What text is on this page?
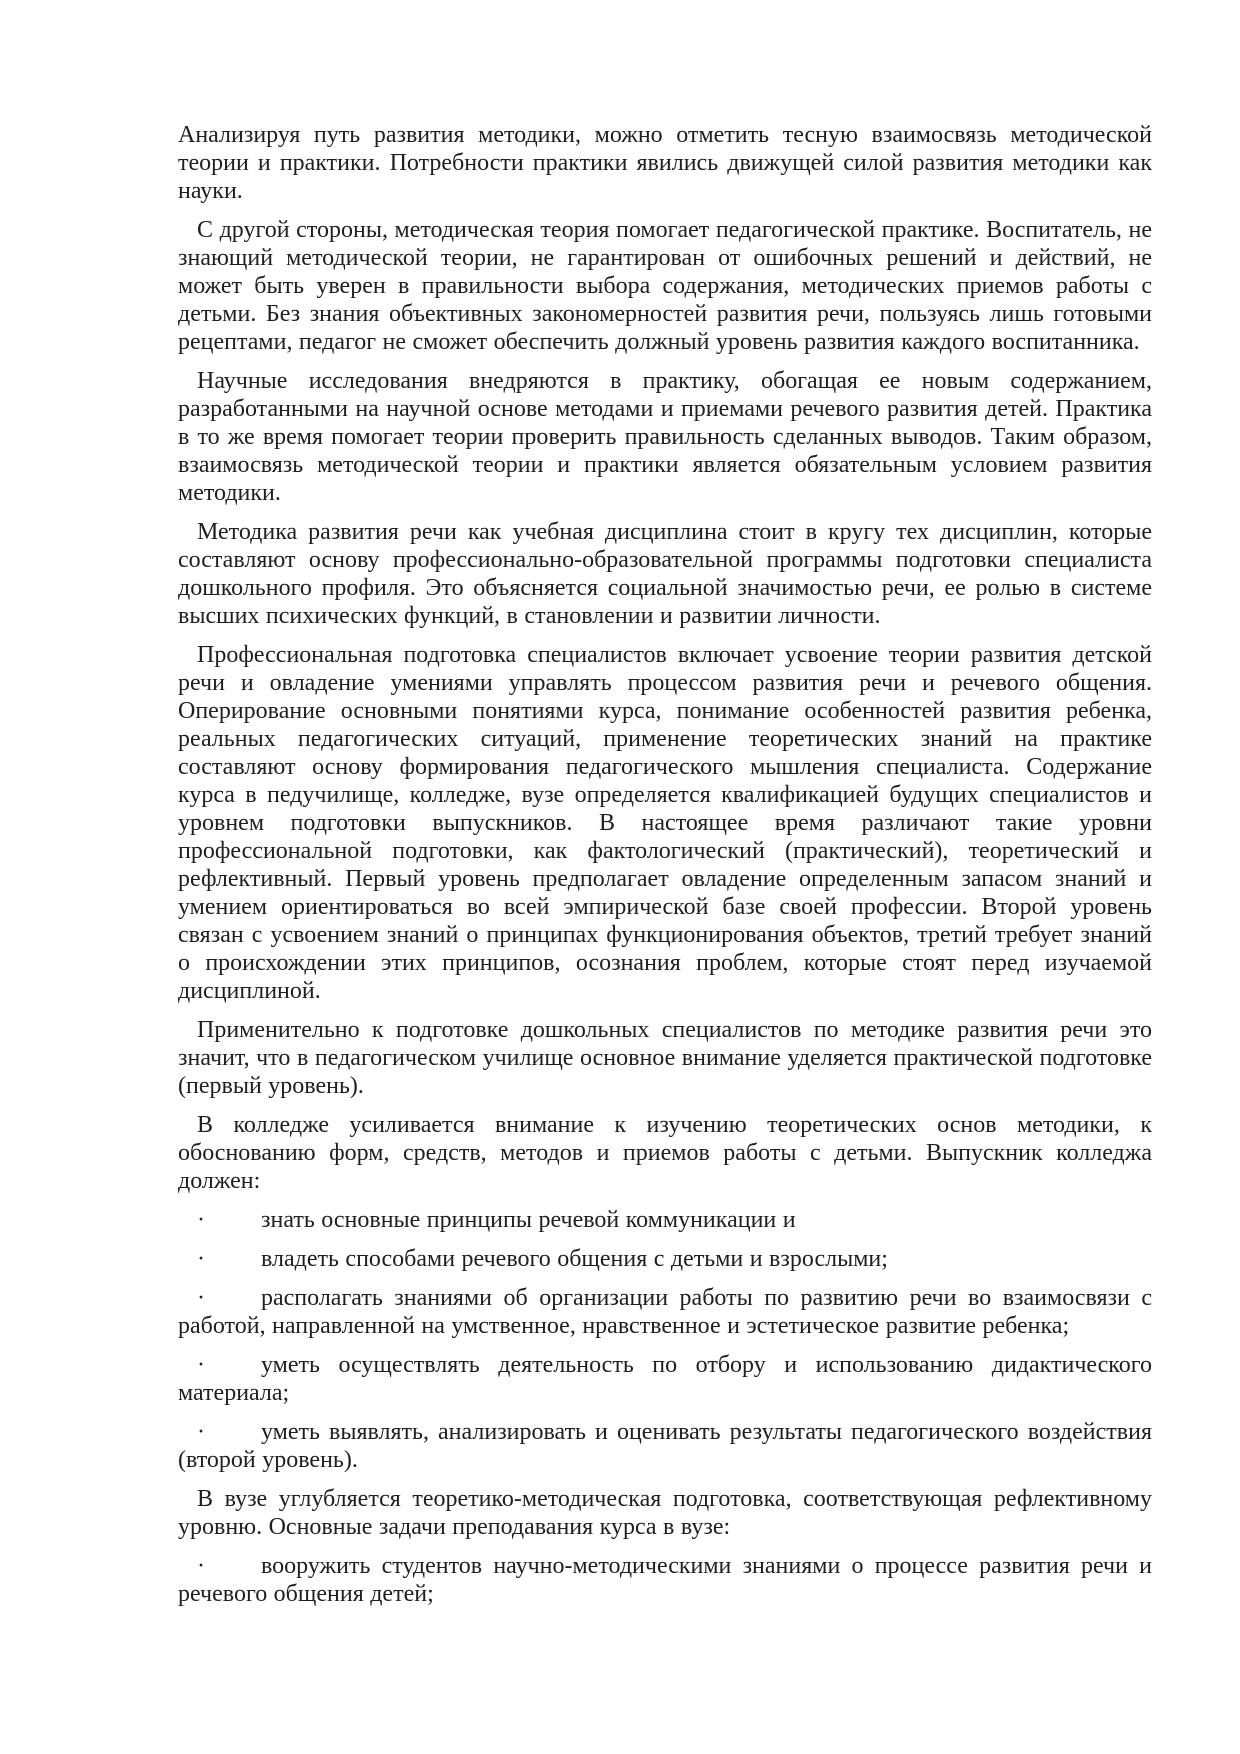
Анализируя путь развития методики, можно отметить тесную взаимосвязь методической теории и практики. Потребности практики явились движущей силой развития методики как науки.

С другой стороны, методическая теория помогает педагогической практике. Воспитатель, не знающий методической теории, не гарантирован от ошибочных решений и действий, не может быть уверен в правильности выбора содержания, методических приемов работы с детьми. Без знания объективных закономерностей развития речи, пользуясь лишь готовыми рецептами, педагог не сможет обеспечить должный уровень развития каждого воспитанника.

Научные исследования внедряются в практику, обогащая ее новым содержанием, разработанными на научной основе методами и приемами речевого развития детей. Практика в то же время помогает теории проверить правильность сделанных выводов. Таким образом, взаимосвязь методической теории и практики является обязательным условием развития методики.

Методика развития речи как учебная дисциплина стоит в кругу тех дисциплин, которые составляют основу профессионально-образовательной программы подготовки специалиста дошкольного профиля. Это объясняется социальной значимостью речи, ее ролью в системе высших психических функций, в становлении и развитии личности.

Профессиональная подготовка специалистов включает усвоение теории развития детской речи и овладение умениями управлять процессом развития речи и речевого общения. Оперирование основными понятиями курса, понимание особенностей развития ребенка, реальных педагогических ситуаций, применение теоретических знаний на практике составляют основу формирования педагогического мышления специалиста. Содержание курса в педучилище, колледже, вузе определяется квалификацией будущих специалистов и уровнем подготовки выпускников. В настоящее время различают такие уровни профессиональной подготовки, как фактологический (практический), теоретический и рефлективный. Первый уровень предполагает овладение определенным запасом знаний и умением ориентироваться во всей эмпирической базе своей профессии. Второй уровень связан с усвоением знаний о принципах функционирования объектов, третий требует знаний о происхождении этих принципов, осознания проблем, которые стоят перед изучаемой дисциплиной.

Применительно к подготовке дошкольных специалистов по методике развития речи это значит, что в педагогическом училище основное внимание уделяется практической подготовке (первый уровень).

В колледже усиливается внимание к изучению теоретических основ методики, к обоснованию форм, средств, методов и приемов работы с детьми. Выпускник колледжа должен:

· знать основные принципы речевой коммуникации и

· владеть способами речевого общения с детьми и взрослыми;

· располагать знаниями об организации работы по развитию речи во взаимосвязи с работой, направленной на умственное, нравственное и эстетическое развитие ребенка;

· уметь осуществлять деятельность по отбору и использованию дидактического материала;

· уметь выявлять, анализировать и оценивать результаты педагогического воздействия (второй уровень).

В вузе углубляется теоретико-методическая подготовка, соответствующая рефлективному уровню. Основные задачи преподавания курса в вузе:

· вооружить студентов научно-методическими знаниями о процессе развития речи и речевого общения детей;
